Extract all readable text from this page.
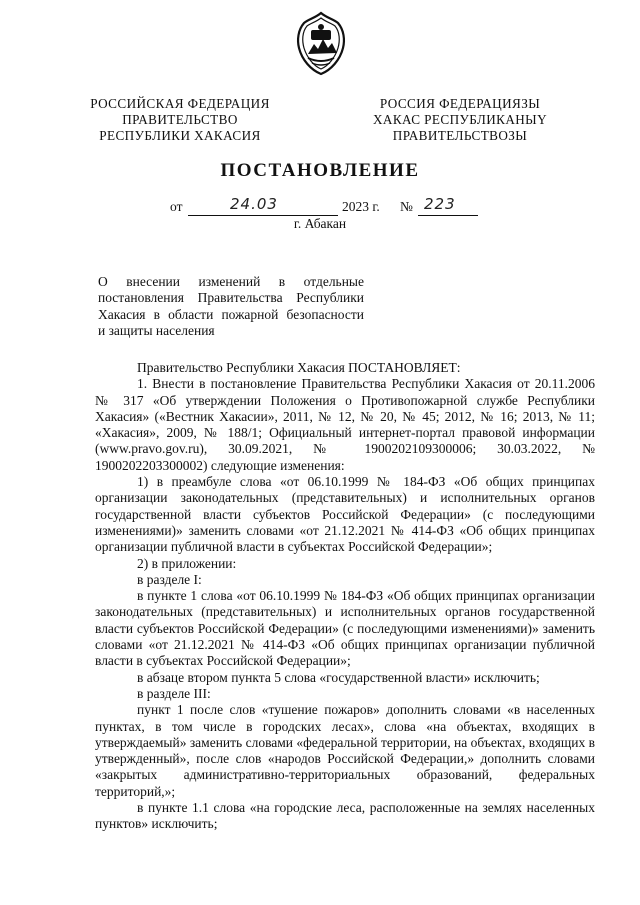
РОССИЙСКАЯ ФЕДЕРАЦИЯ
ПРАВИТЕЛЬСТВО
РЕСПУБЛИКИ ХАКАСИЯ
РОССИЯ ФЕДЕРАЦИЯЗЫ
ХАКАС РЕСПУБЛИКАНЫҮ
ПРАВИТЕЛЬСТВОЗЫ
ПОСТАНОВЛЕНИЕ
от	24.03	2023 г. № 223
г. Абакан
О внесении изменений в отдельные
постановления Правительства Республики
Хакасия в области пожарной безопасности
и защиты населения

Правительство Республики Хакасия ПОСТАНОВЛЯЕТ:

1. Внести в постановление Правительства Республики Хакасия от 20.11.2006 № 317 «Об утверждении Положения о Противопожарной службе Республики Хакасия» («Вестник Хакасии», 2011, № 12, № 20, № 45; 2012, № 16; 2013, № 11; «Хакасия», 2009, № 188/1; Официальный интернет-портал правовой информации (www.pravo.gov.ru), 30.09.2021, № 1900202109300006; 30.03.2022, № 1900202203300002) следующие изменения:

1) в преамбуле слова «от 06.10.1999 № 184-ФЗ «Об общих принципах организации законодательных (представительных) и исполнительных органов государственной власти субъектов Российской Федерации» (с последующими изменениями)» заменить словами «от 21.12.2021 № 414-ФЗ «Об общих принципах организации публичной власти в субъектах Российской Федерации»;

2) в приложении:

в разделе I:

в пункте 1 слова «от 06.10.1999 № 184-ФЗ «Об общих принципах организации законодательных (представительных) и исполнительных органов государственной власти субъектов Российской Федерации» (с последующими изменениями)» заменить словами «от 21.12.2021 № 414-ФЗ «Об общих принципах организации публичной власти в субъектах Российской Федерации»;

в абзаце втором пункта 5 слова «государственной власти» исключить;

в разделе III:

пункт 1 после слов «тушение пожаров» дополнить словами «в населенных пунктах, в том числе в городских лесах», слова «на объектах, входящих в утверждаемый» заменить словами «федеральной территории, на объектах, входящих в утвержденный», после слов «народов Российской Федерации,» дополнить словами «закрытых административно-территориальных образований, федеральных территорий,»;

в пункте 1.1 слова «на городские леса, расположенные на землях населенных пунктов» исключить;
